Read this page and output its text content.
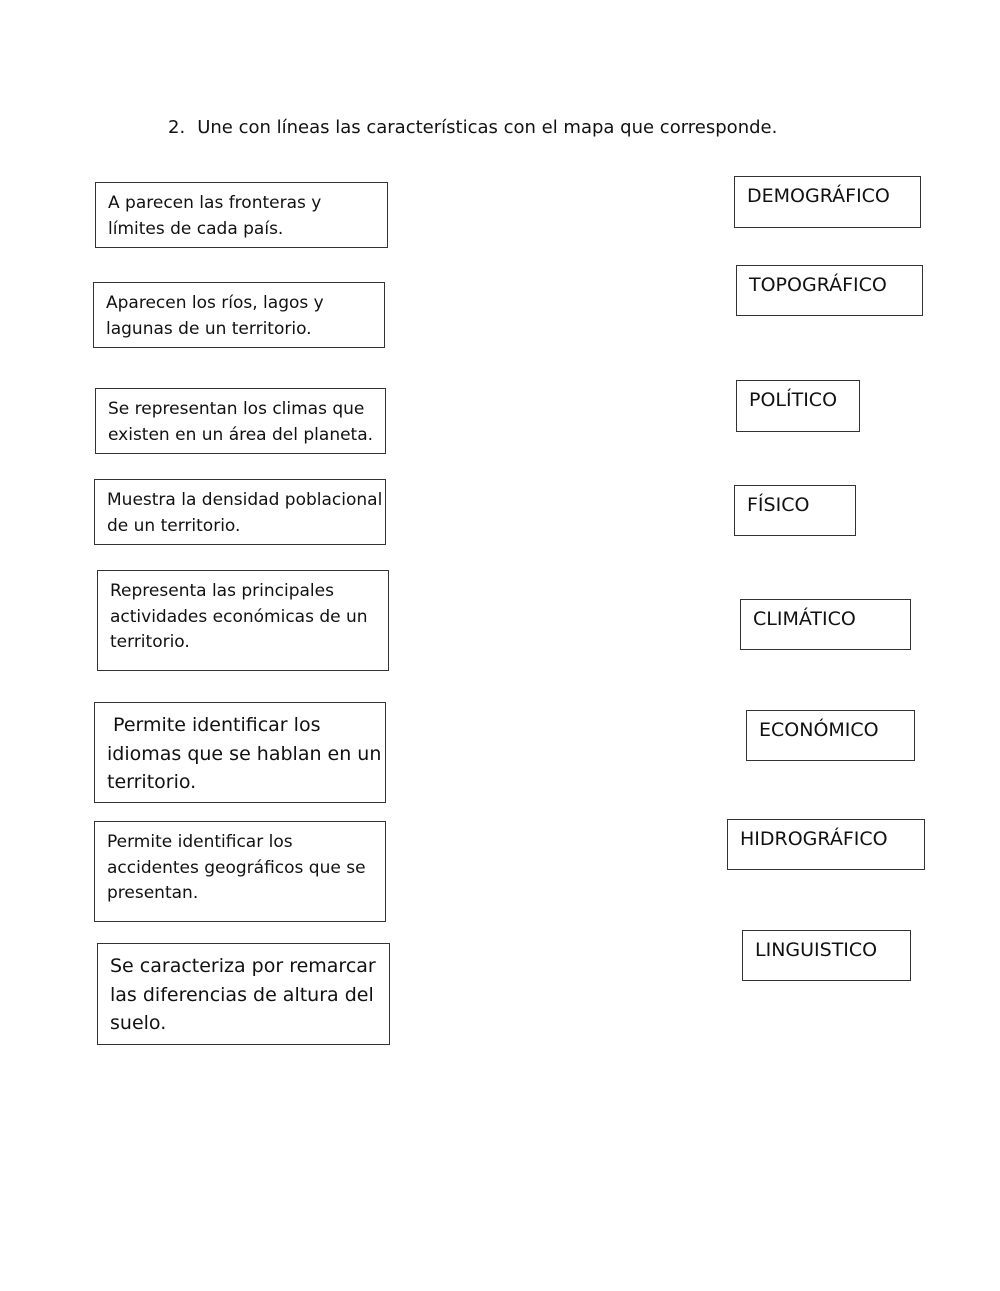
2. Une con líneas las características con el mapa que corresponde.
A parecen las fronteras y
límites de cada país.
Aparecen los ríos, lagos y
lagunas de un territorio.
Se representan los climas que
existen en un área del planeta.
Muestra la densidad poblacional
de un territorio.
Representa las principales
actividades económicas de un
territorio.
Permite identificar los
idiomas que se hablan en un
territorio.
Permite identificar los
accidentes geográficos que se
presentan.
Se caracteriza por remarcar
las diferencias de altura del
suelo.
DEMOGRÁFICO
TOPOGRÁFICO
POLÍTICO
FÍSICO
CLIMÁTICO
ECONÓMICO
HIDROGRÁFICO
LINGUISTICO
